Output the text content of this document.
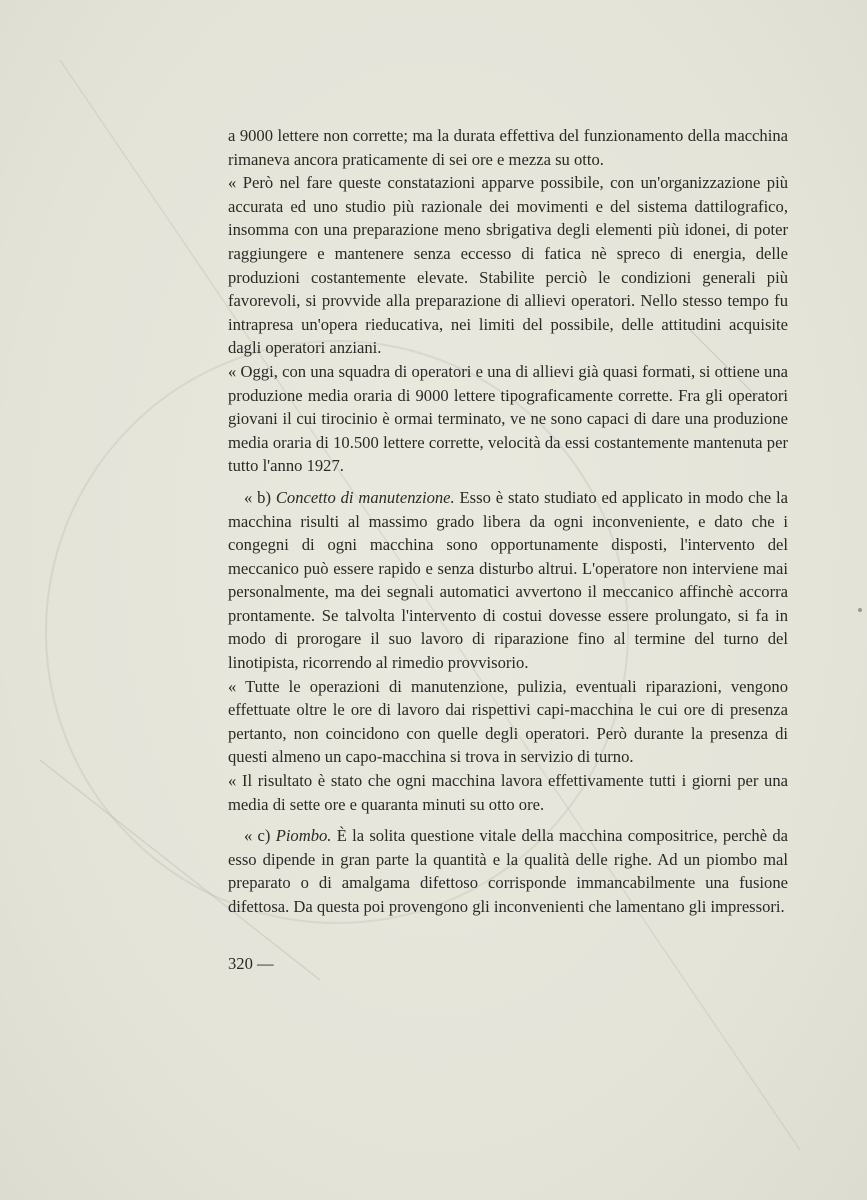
a 9000 lettere non corrette; ma la durata effettiva del funzionamento della macchina rimaneva ancora praticamente di sei ore e mezza su otto.

« Però nel fare queste constatazioni apparve possibile, con un'organizzazione più accurata ed uno studio più razionale dei movimenti e del sistema dattilografico, insomma con una preparazione meno sbrigativa degli elementi più idonei, di poter raggiungere e mantenere senza eccesso di fatica nè spreco di energia, delle produzioni costantemente elevate. Stabilite perciò le condizioni generali più favorevoli, si provvide alla preparazione di allievi operatori. Nello stesso tempo fu intrapresa un'opera rieducativa, nei limiti del possibile, delle attitudini acquisite dagli operatori anziani.

« Oggi, con una squadra di operatori e una di allievi già quasi formati, si ottiene una produzione media oraria di 9000 lettere tipograficamente corrette. Fra gli operatori giovani il cui tirocinio è ormai terminato, ve ne sono capaci di dare una produzione media oraria di 10.500 lettere corrette, velocità da essi costantemente mantenuta per tutto l'anno 1927.

« b) Concetto di manutenzione. Esso è stato studiato ed applicato in modo che la macchina risulti al massimo grado libera da ogni inconveniente, e dato che i congegni di ogni macchina sono opportunamente disposti, l'intervento del meccanico può essere rapido e senza disturbo altrui. L'operatore non interviene mai personalmente, ma dei segnali automatici avvertono il meccanico affinchè accorra prontamente. Se talvolta l'intervento di costui dovesse essere prolungato, si fa in modo di prorogare il suo lavoro di riparazione fino al termine del turno del linotipista, ricorrendo al rimedio provvisorio.

« Tutte le operazioni di manutenzione, pulizia, eventuali riparazioni, vengono effettuate oltre le ore di lavoro dai rispettivi capi-macchina le cui ore di presenza pertanto, non coincidono con quelle degli operatori. Però durante la presenza di questi almeno un capo-macchina si trova in servizio di turno.

« Il risultato è stato che ogni macchina lavora effettivamente tutti i giorni per una media di sette ore e quaranta minuti su otto ore.

« c) Piombo. È la solita questione vitale della macchina compositrice, perchè da esso dipende in gran parte la quantità e la qualità delle righe. Ad un piombo mal preparato o di amalgama difettoso corrisponde immancabilmente una fusione difettosa. Da questa poi provengono gli inconvenienti che lamentano gli impressori.

320 —
